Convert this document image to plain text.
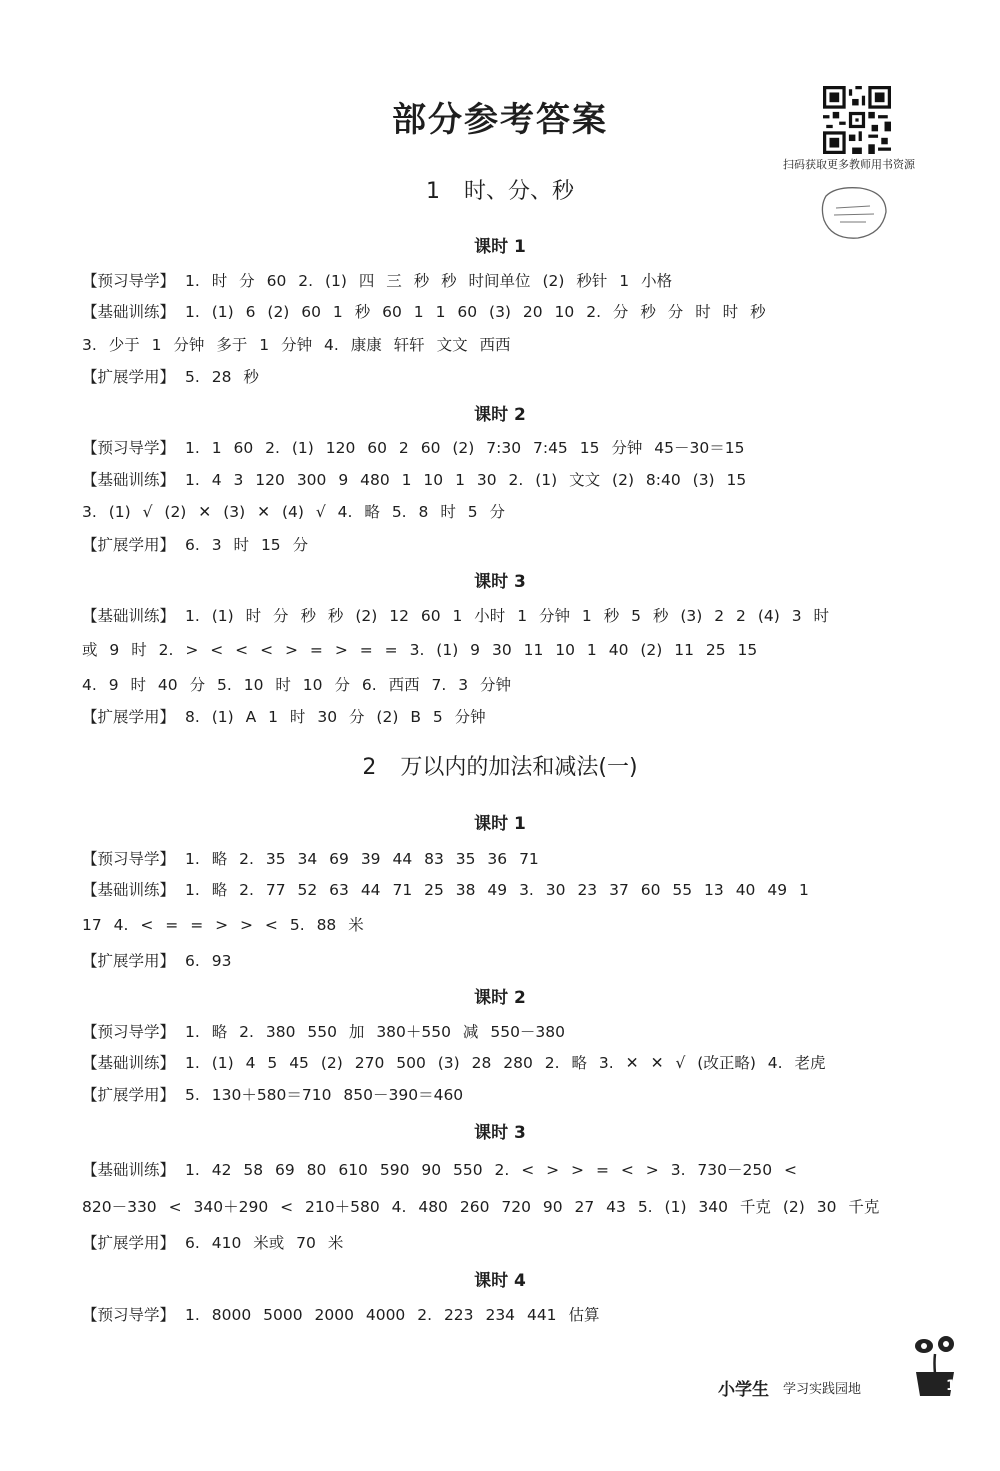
部分参考答案
扫码获取更多教师用书资源
1 时、分、秒
课时 1
【预习导学】 1. 时 分 60 2. (1) 四 三 秒 秒 时间单位 (2) 秒针 1 小格
【基础训练】 1. (1) 6 (2) 60 1 秒 60 1 1 60 (3) 20 10 2. 分 秒 分 时 时 秒
3. 少于 1 分钟 多于 1 分钟 4. 康康 轩轩 文文 西西
【扩展学用】 5. 28 秒
课时 2
【预习导学】 1. 1 60 2. (1) 120 60 2 60 (2) 7:30 7:45 15 分钟 45－30＝15
【基础训练】 1. 4 3 120 300 9 480 1 10 1 30 2. (1) 文文 (2) 8:40 (3) 15
3. (1) √ (2) ✕ (3) ✕ (4) √ 4. 略 5. 8 时 5 分
【扩展学用】 6. 3 时 15 分
课时 3
【基础训练】 1. (1) 时 分 秒 秒 (2) 12 60 1 小时 1 分钟 1 秒 5 秒 (3) 2 2 (4) 3 时
或 9 时 2. > < < < > = > = = 3. (1) 9 30 11 10 1 40 (2) 11 25 15
4. 9 时 40 分 5. 10 时 10 分 6. 西西 7. 3 分钟
【扩展学用】 8. (1) A 1 时 30 分 (2) B 5 分钟
2 万以内的加法和减法(一)
课时 1
【预习导学】 1. 略 2. 35 34 69 39 44 83 35 36 71
【基础训练】 1. 略 2. 77 52 63 44 71 25 38 49 3. 30 23 37 60 55 13 40 49 1
17 4. < = = > > < 5. 88 米
【扩展学用】 6. 93
课时 2
【预习导学】 1. 略 2. 380 550 加 380＋550 减 550－380
【基础训练】 1. (1) 4 5 45 (2) 270 500 (3) 28 280 2. 略 3. ✕ ✕ √ (改正略) 4. 老虎
【扩展学用】 5. 130＋580＝710 850－390＝460
课时 3
【基础训练】 1. 42 58 69 80 610 590 90 550 2. < > > = < > 3. 730－250 <
820－330 < 340＋290 < 210＋580 4. 480 260 720 90 27 43 5. (1) 340 千克 (2) 30 千克
【扩展学用】 6. 410 米或 70 米
课时 4
【预习导学】 1. 8000 5000 2000 4000 2. 223 234 441 估算
小学生 学习实践园地	1
